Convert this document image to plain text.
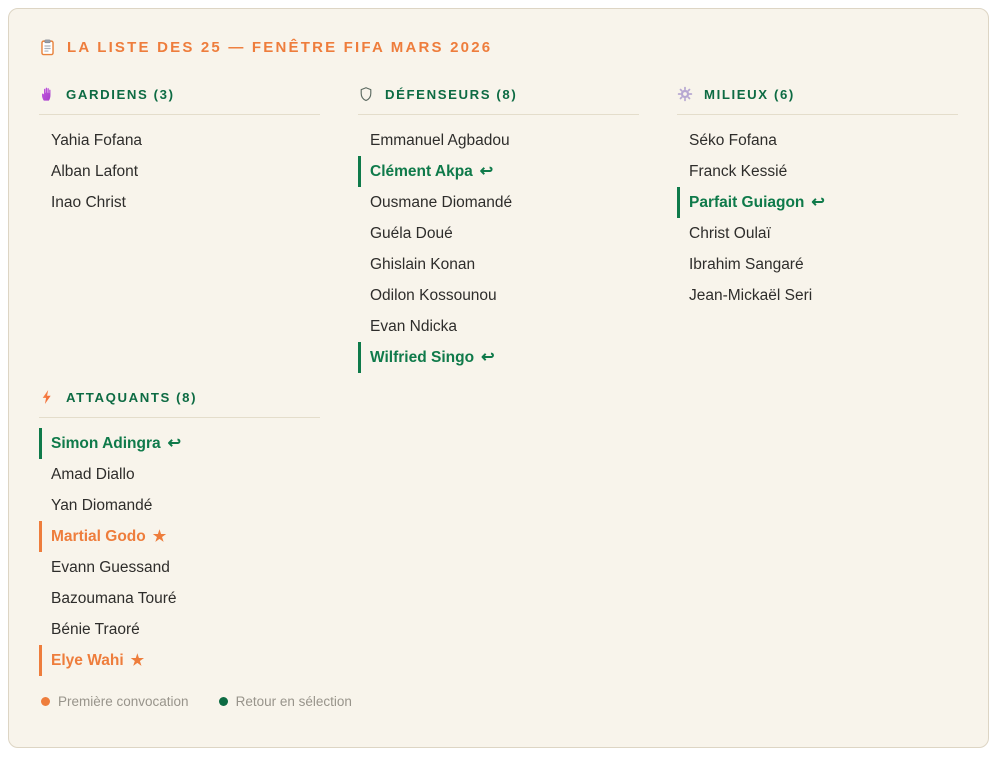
LA LISTE DES 25 — FENÊTRE FIFA MARS 2026
GARDIENS (3)
Yahia Fofana
Alban Lafont
Inao Christ
DÉFENSEURS (8)
Emmanuel Agbadou
Clément Akpa ↩
Ousmane Diomandé
Guéla Doué
Ghislain Konan
Odilon Kossounou
Evan Ndicka
Wilfried Singo ↩
MILIEUX (6)
Séko Fofana
Franck Kessié
Parfait Guiagon ↩
Christ Oulaï
Ibrahim Sangaré
Jean-Mickaël Seri
ATTAQUANTS (8)
Simon Adingra ↩
Amad Diallo
Yan Diomandé
Martial Godo ★
Evann Guessand
Bazoumana Touré
Bénie Traoré
Elye Wahi ★
Première convocation	Retour en sélection
